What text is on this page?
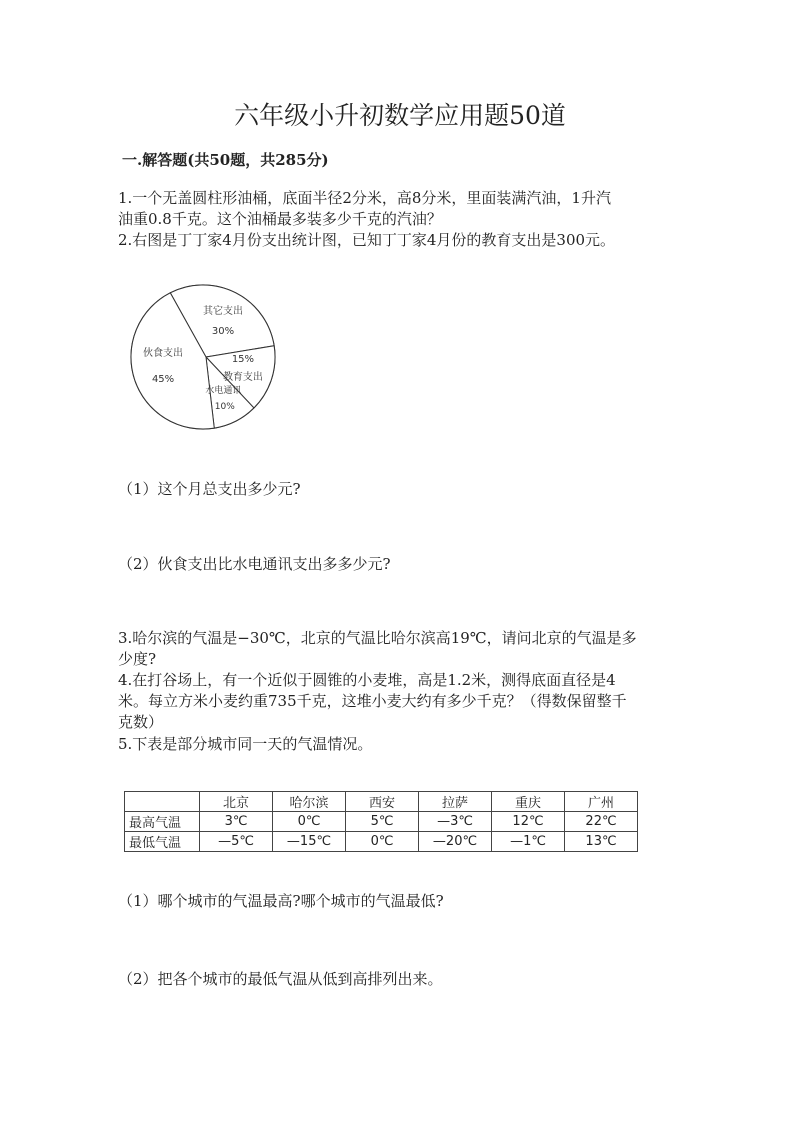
六年级小升初数学应用题50道
一.解答题(共50题，共285分)
1.一个无盖圆柱形油桶，底面半径2分米，高8分米，里面装满汽油，1升汽
油重0.8千克。这个油桶最多装多少千克的汽油？
2.右图是丁丁家4月份支出统计图，已知丁丁家4月份的教育支出是300元。
其它支出
30%
教育支出
15%
水电通讯
10%
伙食支出
45%
（1）这个月总支出多少元?
（2）伙食支出比水电通讯支出多多少元?
3.哈尔滨的气温是−30℃，北京的气温比哈尔滨高19℃，请问北京的气温是多
少度?
4.在打谷场上，有一个近似于圆锥的小麦堆，高是1.2米，测得底面直径是4
米。每立方米小麦约重735千克，这堆小麦大约有多少千克？（得数保留整千
克数）
5.下表是部分城市同一天的气温情况。
	北京	哈尔滨	西安	拉萨	重庆	广州
最高气温	3℃	0℃	5℃	—3℃	12℃	22℃
最低气温	—5℃	—15℃	0℃	—20℃	—1℃	13℃
（1）哪个城市的气温最高?哪个城市的气温最低?
（2）把各个城市的最低气温从低到高排列出来。
